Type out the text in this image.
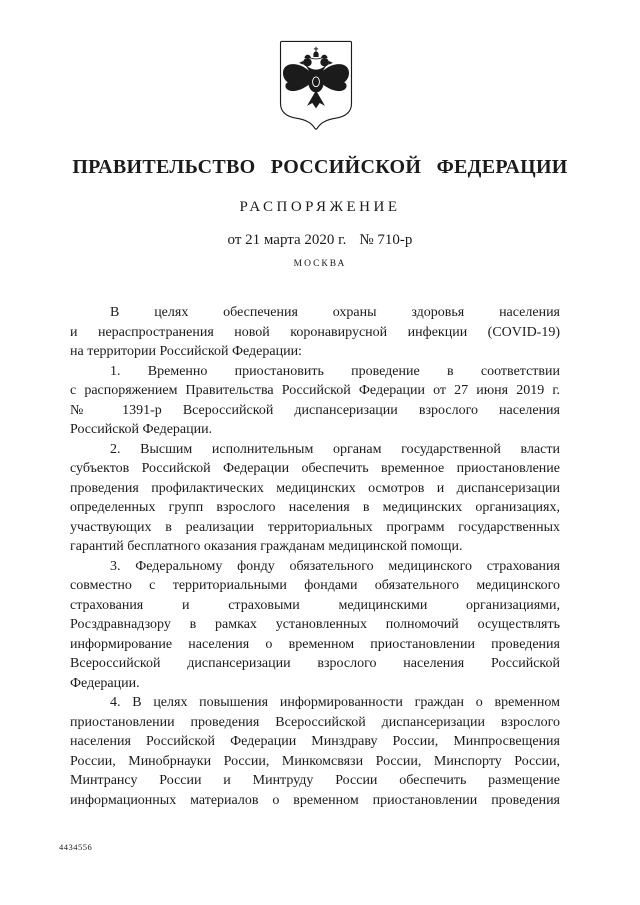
ПРАВИТЕЛЬСТВО РОССИЙСКОЙ ФЕДЕРАЦИИ
РАСПОРЯЖЕНИЕ
от 21 марта 2020 г. № 710-р
МОСКВА
В целях обеспечения охраны здоровья населения
и нераспространения новой коронавирусной инфекции (COVID-19)
на территории Российской Федерации:
1. Временно приостановить проведение в соответствии
с распоряжением Правительства Российской Федерации от 27 июня 2019 г.
№ 1391-р Всероссийской диспансеризации взрослого населения
Российской Федерации.
2. Высшим исполнительным органам государственной власти
субъектов Российской Федерации обеспечить временное приостановление
проведения профилактических медицинских осмотров и диспансеризации
определенных групп взрослого населения в медицинских организациях,
участвующих в реализации территориальных программ государственных
гарантий бесплатного оказания гражданам медицинской помощи.
3. Федеральному фонду обязательного медицинского страхования
совместно с территориальными фондами обязательного медицинского
страхования и страховыми медицинскими организациями,
Росздравнадзору в рамках установленных полномочий осуществлять
информирование населения о временном приостановлении проведения
Всероссийской диспансеризации взрослого населения Российской
Федерации.
4. В целях повышения информированности граждан о временном
приостановлении проведения Всероссийской диспансеризации взрослого
населения Российской Федерации Минздраву России, Минпросвещения
России, Минобрнауки России, Минкомсвязи России, Минспорту России,
Минтрансу России и Минтруду России обеспечить размещение
информационных материалов о временном приостановлении проведения
4434556
